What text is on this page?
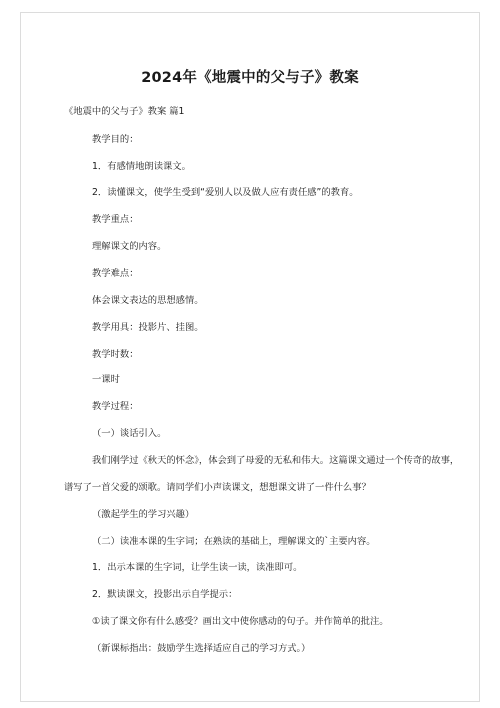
2024年《地震中的父与子》教案
《地震中的父与子》教案 篇1
教学目的：
1．有感情地朗读课文。
2．读懂课文，使学生受到“爱别人以及做人应有责任感”的教育。
教学重点：
理解课文的内容。
教学难点：
体会课文表达的思想感情。
教学用具：投影片、挂图。
教学时数：
一课时
教学过程：
（一）谈话引入。
我们刚学过《秋天的怀念》，体会到了母爱的无私和伟大。这篇课文通过一个传奇的故事，
谱写了一首父爱的颂歌。请同学们小声读课文，想想课文讲了一件什么事？
（激起学生的学习兴趣）
（二）读准本课的生字词；在熟读的基础上，理解课文的`主要内容。
1．出示本课的生字词，让学生读一读，读准即可。
2．默读课文，投影出示自学提示：
①读了课文你有什么感受？画出文中使你感动的句子。并作简单的批注。
（新课标指出：鼓励学生选择适应自己的学习方式。）
